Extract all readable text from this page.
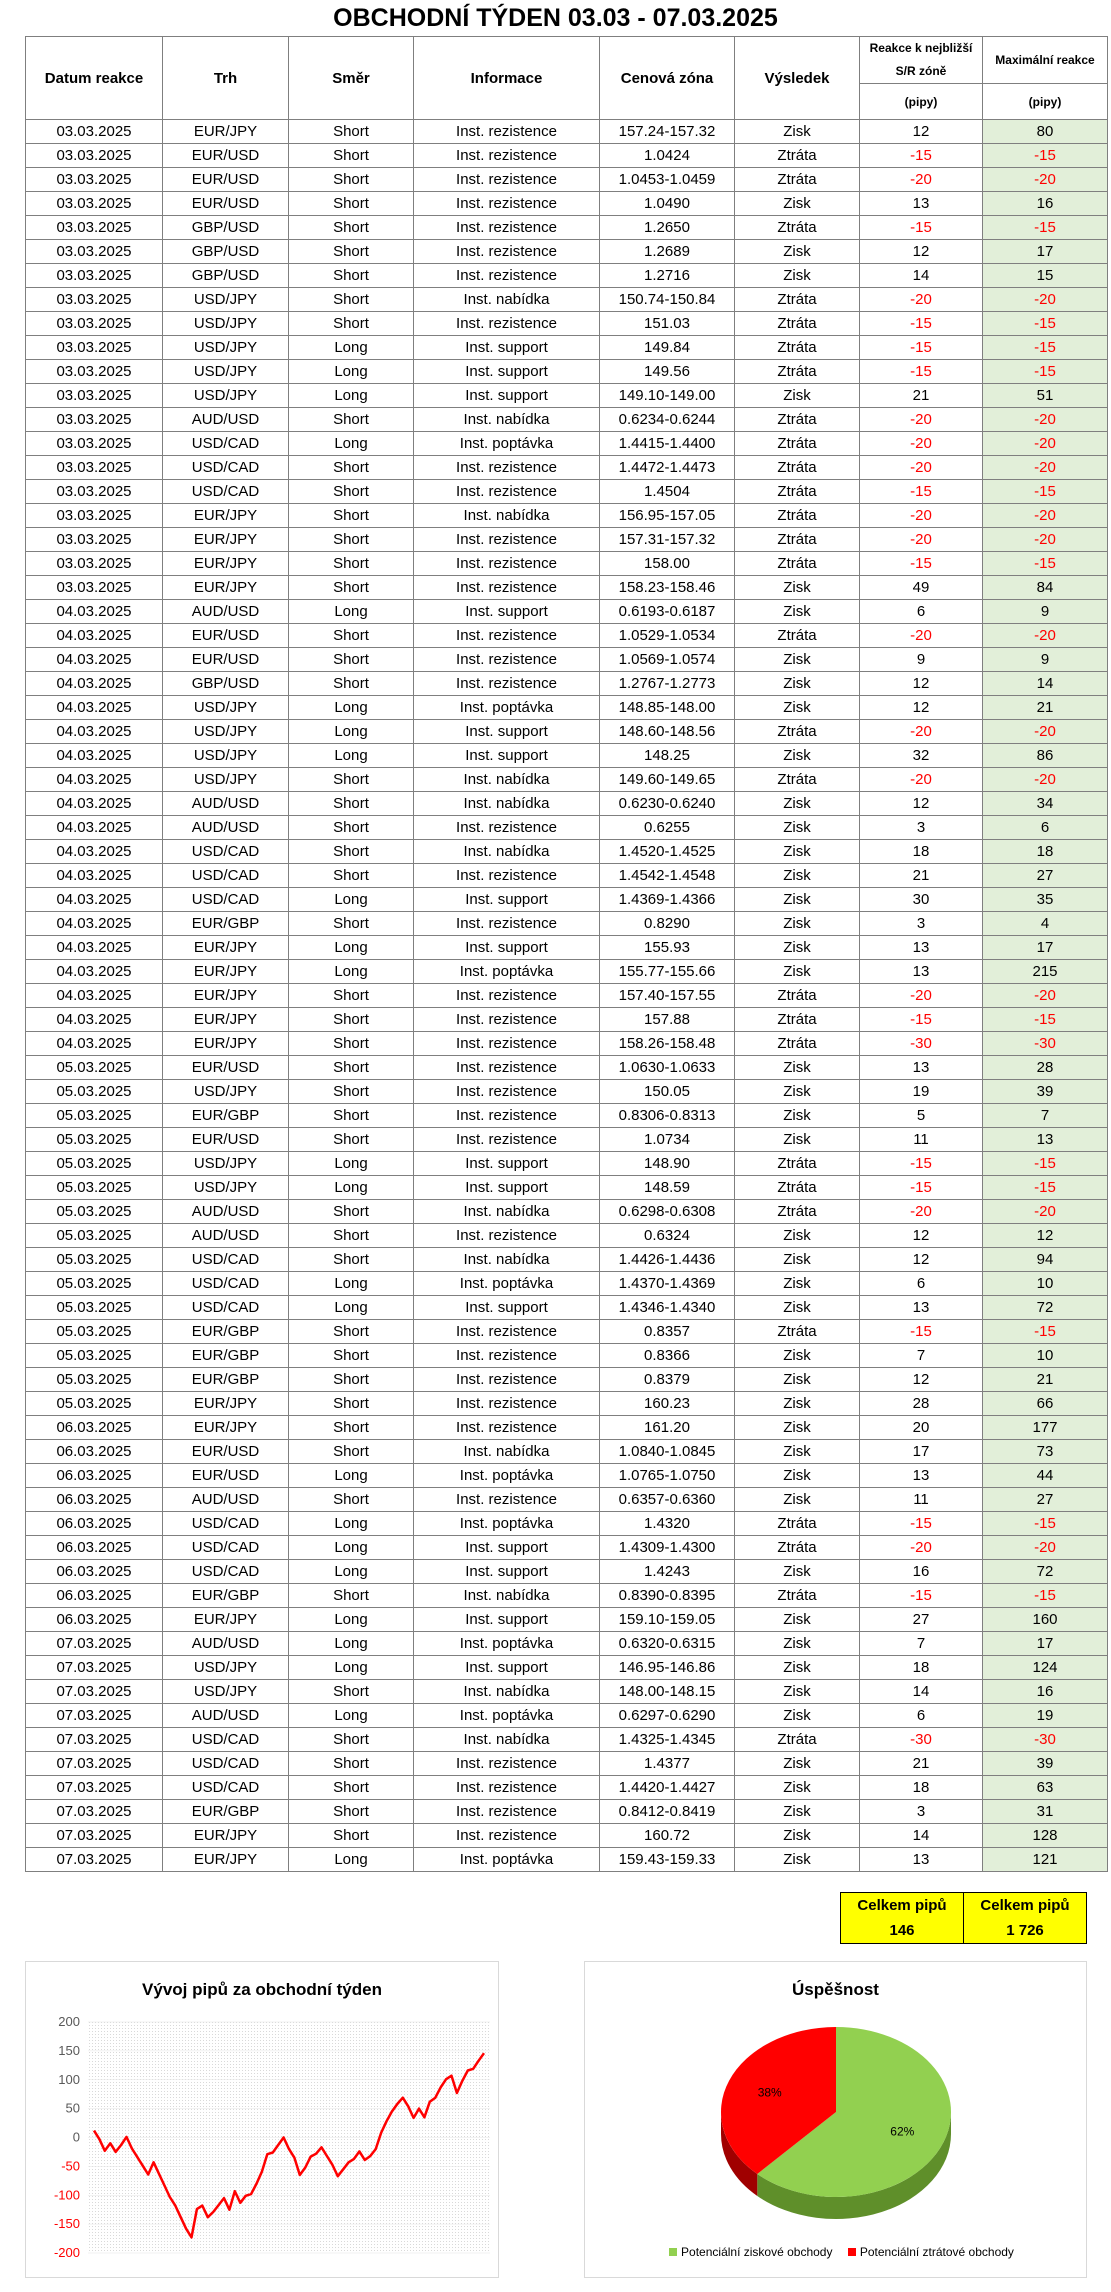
OBCHODNÍ TÝDEN 03.03 - 07.03.2025
Datum reakce	Trh	Směr	Informace	Cenová zóna	Výsledek	Reakce k nejbližší S/R zóně	Maximální reakce
						(pipy)	(pipy)
03.03.2025	EUR/JPY	Short	Inst. rezistence	157.24-157.32	Zisk	12	80
03.03.2025	EUR/USD	Short	Inst. rezistence	1.0424	Ztráta	-15	-15
03.03.2025	EUR/USD	Short	Inst. rezistence	1.0453-1.0459	Ztráta	-20	-20
03.03.2025	EUR/USD	Short	Inst. rezistence	1.0490	Zisk	13	16
03.03.2025	GBP/USD	Short	Inst. rezistence	1.2650	Ztráta	-15	-15
03.03.2025	GBP/USD	Short	Inst. rezistence	1.2689	Zisk	12	17
03.03.2025	GBP/USD	Short	Inst. rezistence	1.2716	Zisk	14	15
03.03.2025	USD/JPY	Short	Inst. nabídka	150.74-150.84	Ztráta	-20	-20
03.03.2025	USD/JPY	Short	Inst. rezistence	151.03	Ztráta	-15	-15
03.03.2025	USD/JPY	Long	Inst. support	149.84	Ztráta	-15	-15
03.03.2025	USD/JPY	Long	Inst. support	149.56	Ztráta	-15	-15
03.03.2025	USD/JPY	Long	Inst. support	149.10-149.00	Zisk	21	51
03.03.2025	AUD/USD	Short	Inst. nabídka	0.6234-0.6244	Ztráta	-20	-20
03.03.2025	USD/CAD	Long	Inst. poptávka	1.4415-1.4400	Ztráta	-20	-20
03.03.2025	USD/CAD	Short	Inst. rezistence	1.4472-1.4473	Ztráta	-20	-20
03.03.2025	USD/CAD	Short	Inst. rezistence	1.4504	Ztráta	-15	-15
03.03.2025	EUR/JPY	Short	Inst. nabídka	156.95-157.05	Ztráta	-20	-20
03.03.2025	EUR/JPY	Short	Inst. rezistence	157.31-157.32	Ztráta	-20	-20
03.03.2025	EUR/JPY	Short	Inst. rezistence	158.00	Ztráta	-15	-15
03.03.2025	EUR/JPY	Short	Inst. rezistence	158.23-158.46	Zisk	49	84
04.03.2025	AUD/USD	Long	Inst. support	0.6193-0.6187	Zisk	6	9
04.03.2025	EUR/USD	Short	Inst. rezistence	1.0529-1.0534	Ztráta	-20	-20
04.03.2025	EUR/USD	Short	Inst. rezistence	1.0569-1.0574	Zisk	9	9
04.03.2025	GBP/USD	Short	Inst. rezistence	1.2767-1.2773	Zisk	12	14
04.03.2025	USD/JPY	Long	Inst. poptávka	148.85-148.00	Zisk	12	21
04.03.2025	USD/JPY	Long	Inst. support	148.60-148.56	Ztráta	-20	-20
04.03.2025	USD/JPY	Long	Inst. support	148.25	Zisk	32	86
04.03.2025	USD/JPY	Short	Inst. nabídka	149.60-149.65	Ztráta	-20	-20
04.03.2025	AUD/USD	Short	Inst. nabídka	0.6230-0.6240	Zisk	12	34
04.03.2025	AUD/USD	Short	Inst. rezistence	0.6255	Zisk	3	6
04.03.2025	USD/CAD	Short	Inst. nabídka	1.4520-1.4525	Zisk	18	18
04.03.2025	USD/CAD	Short	Inst. rezistence	1.4542-1.4548	Zisk	21	27
04.03.2025	USD/CAD	Long	Inst. support	1.4369-1.4366	Zisk	30	35
04.03.2025	EUR/GBP	Short	Inst. rezistence	0.8290	Zisk	3	4
04.03.2025	EUR/JPY	Long	Inst. support	155.93	Zisk	13	17
04.03.2025	EUR/JPY	Long	Inst. poptávka	155.77-155.66	Zisk	13	215
04.03.2025	EUR/JPY	Short	Inst. rezistence	157.40-157.55	Ztráta	-20	-20
04.03.2025	EUR/JPY	Short	Inst. rezistence	157.88	Ztráta	-15	-15
04.03.2025	EUR/JPY	Short	Inst. rezistence	158.26-158.48	Ztráta	-30	-30
05.03.2025	EUR/USD	Short	Inst. rezistence	1.0630-1.0633	Zisk	13	28
05.03.2025	USD/JPY	Short	Inst. rezistence	150.05	Zisk	19	39
05.03.2025	EUR/GBP	Short	Inst. rezistence	0.8306-0.8313	Zisk	5	7
05.03.2025	EUR/USD	Short	Inst. rezistence	1.0734	Zisk	11	13
05.03.2025	USD/JPY	Long	Inst. support	148.90	Ztráta	-15	-15
05.03.2025	USD/JPY	Long	Inst. support	148.59	Ztráta	-15	-15
05.03.2025	AUD/USD	Short	Inst. nabídka	0.6298-0.6308	Ztráta	-20	-20
05.03.2025	AUD/USD	Short	Inst. rezistence	0.6324	Zisk	12	12
05.03.2025	USD/CAD	Short	Inst. nabídka	1.4426-1.4436	Zisk	12	94
05.03.2025	USD/CAD	Long	Inst. poptávka	1.4370-1.4369	Zisk	6	10
05.03.2025	USD/CAD	Long	Inst. support	1.4346-1.4340	Zisk	13	72
05.03.2025	EUR/GBP	Short	Inst. rezistence	0.8357	Ztráta	-15	-15
05.03.2025	EUR/GBP	Short	Inst. rezistence	0.8366	Zisk	7	10
05.03.2025	EUR/GBP	Short	Inst. rezistence	0.8379	Zisk	12	21
05.03.2025	EUR/JPY	Short	Inst. rezistence	160.23	Zisk	28	66
06.03.2025	EUR/JPY	Short	Inst. rezistence	161.20	Zisk	20	177
06.03.2025	EUR/USD	Short	Inst. nabídka	1.0840-1.0845	Zisk	17	73
06.03.2025	EUR/USD	Long	Inst. poptávka	1.0765-1.0750	Zisk	13	44
06.03.2025	AUD/USD	Short	Inst. rezistence	0.6357-0.6360	Zisk	11	27
06.03.2025	USD/CAD	Long	Inst. poptávka	1.4320	Ztráta	-15	-15
06.03.2025	USD/CAD	Long	Inst. support	1.4309-1.4300	Ztráta	-20	-20
06.03.2025	USD/CAD	Long	Inst. support	1.4243	Zisk	16	72
06.03.2025	EUR/GBP	Short	Inst. nabídka	0.8390-0.8395	Ztráta	-15	-15
06.03.2025	EUR/JPY	Long	Inst. support	159.10-159.05	Zisk	27	160
07.03.2025	AUD/USD	Long	Inst. poptávka	0.6320-0.6315	Zisk	7	17
07.03.2025	USD/JPY	Long	Inst. support	146.95-146.86	Zisk	18	124
07.03.2025	USD/JPY	Short	Inst. nabídka	148.00-148.15	Zisk	14	16
07.03.2025	AUD/USD	Long	Inst. poptávka	0.6297-0.6290	Zisk	6	19
07.03.2025	USD/CAD	Short	Inst. nabídka	1.4325-1.4345	Ztráta	-30	-30
07.03.2025	USD/CAD	Short	Inst. rezistence	1.4377	Zisk	21	39
07.03.2025	USD/CAD	Short	Inst. rezistence	1.4420-1.4427	Zisk	18	63
07.03.2025	EUR/GBP	Short	Inst. rezistence	0.8412-0.8419	Zisk	3	31
07.03.2025	EUR/JPY	Short	Inst. rezistence	160.72	Zisk	14	128
07.03.2025	EUR/JPY	Long	Inst. poptávka	159.43-159.33	Zisk	13	121
Celkem pipů
146
Celkem pipů
1 726
Vývoj pipů za obchodní týden
200
150
100
50
0
-50
-100
-150
-200
Úspěšnost
62%
38%
Potenciální ziskové obchody Potenciální ztrátové obchody
